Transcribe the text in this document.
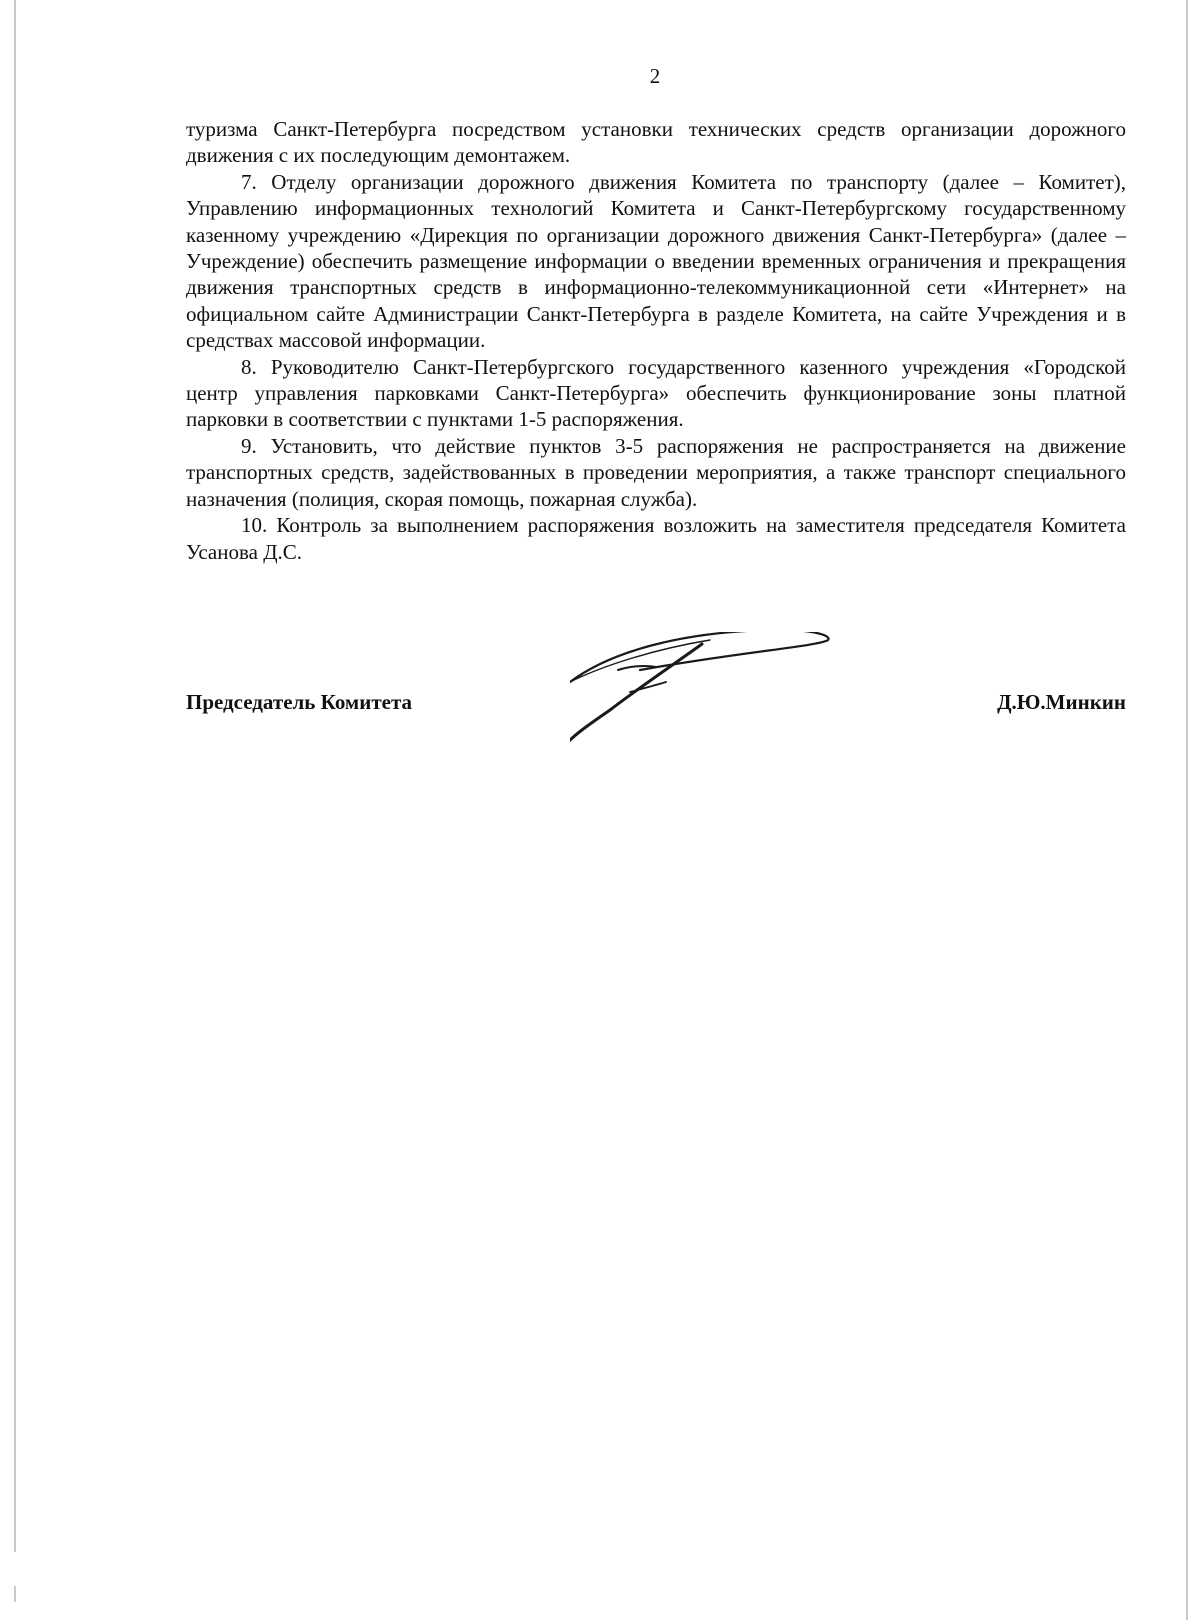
2

туризма Санкт-Петербурга посредством установки технических средств организации дорожного движения с их последующим демонтажем.

7. Отделу организации дорожного движения Комитета по транспорту (далее – Комитет), Управлению информационных технологий Комитета и Санкт-Петербургскому государственному казенному учреждению «Дирекция по организации дорожного движения Санкт-Петербурга» (далее – Учреждение) обеспечить размещение информации о введении временных ограничения и прекращения движения транспортных средств в информационно-телекоммуникационной сети «Интернет» на официальном сайте Администрации Санкт-Петербурга в разделе Комитета, на сайте Учреждения и в средствах массовой информации.

8. Руководителю Санкт-Петербургского государственного казенного учреждения «Городской центр управления парковками Санкт-Петербурга» обеспечить функционирование зоны платной парковки в соответствии с пунктами 1-5 распоряжения.

9. Установить, что действие пунктов 3-5 распоряжения не распространяется на движение транспортных средств, задействованных в проведении мероприятия, а также транспорт специального назначения (полиция, скорая помощь, пожарная служба).

10. Контроль за выполнением распоряжения возложить на заместителя председателя Комитета Усанова Д.С.

Председатель Комитета	Д.Ю.Минкин
